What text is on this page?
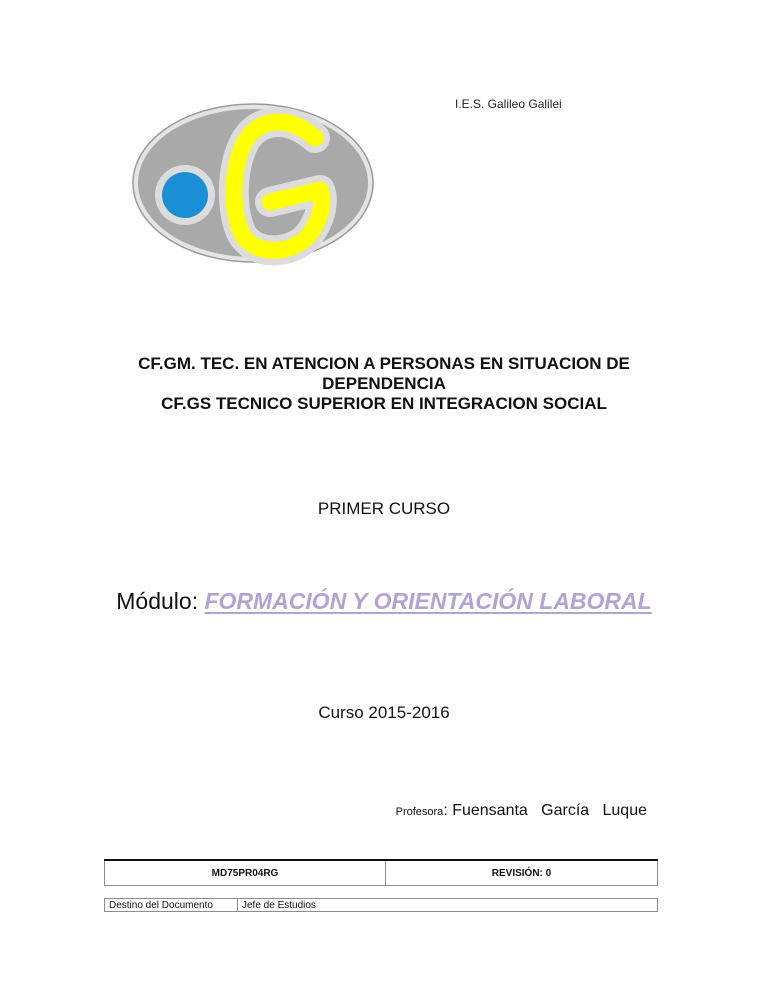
I.E.S. Galileo Galilei
CF.GM. TEC. EN ATENCION A PERSONAS EN SITUACION DE
DEPENDENCIA
CF.GS TECNICO SUPERIOR EN INTEGRACION SOCIAL
PRIMER CURSO
Módulo: FORMACIÓN Y ORIENTACIÓN LABORAL
Curso 2015-2016
Profesora: Fuensanta   García   Luque
MD75PR04RG	REVISIÓN: 0
Destino del Documento	Jefe de Estudios
